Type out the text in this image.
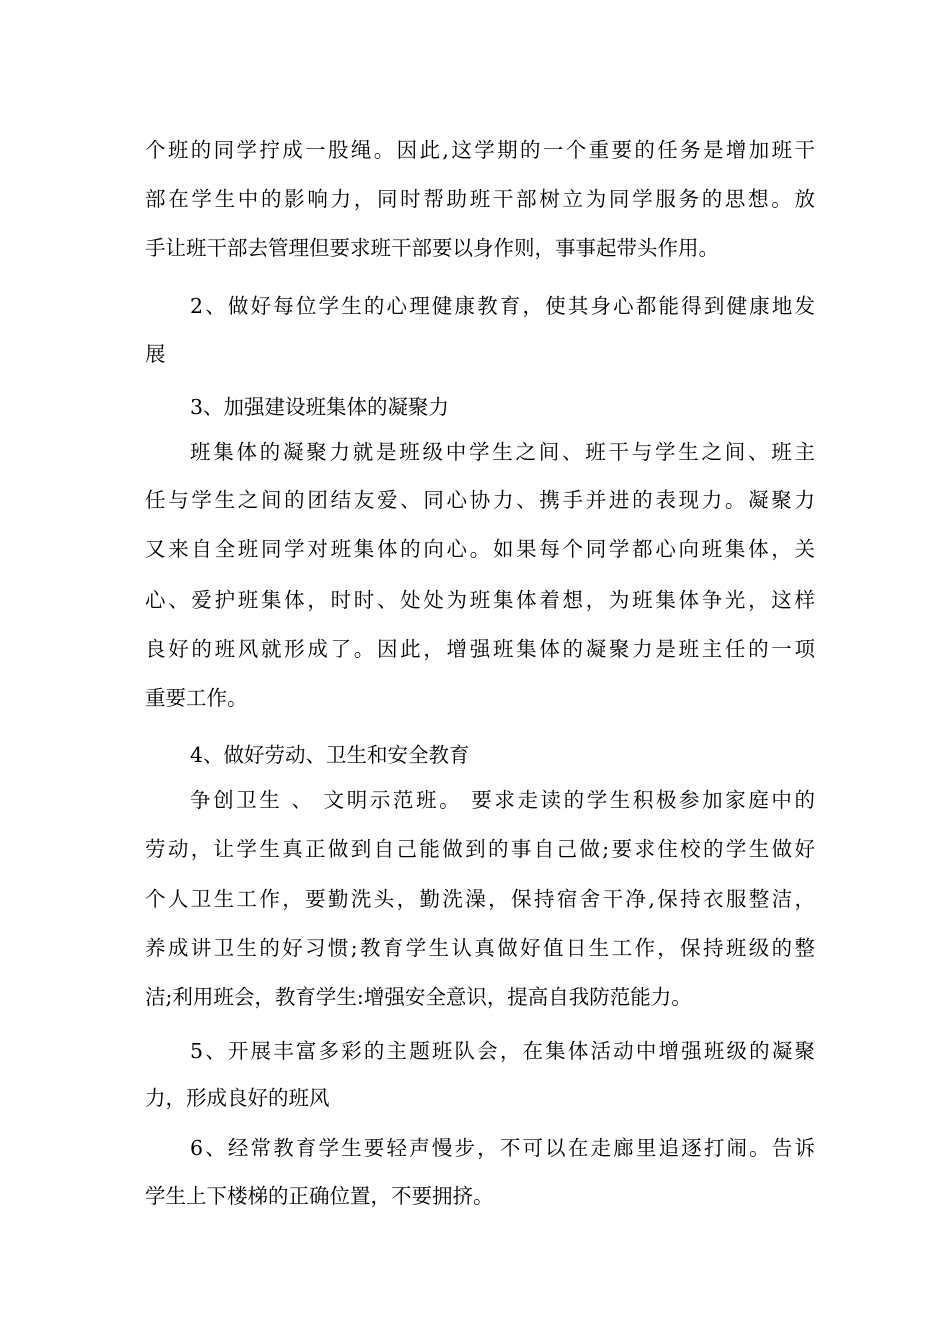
个班的同学拧成一股绳。因此,这学期的一个重要的任务是增加班干

部在学生中的影响力，同时帮助班干部树立为同学服务的思想。放

手让班干部去管理但要求班干部要以身作则，事事起带头作用。

2、做好每位学生的心理健康教育，使其身心都能得到健康地发

展

3、加强建设班集体的凝聚力

班集体的凝聚力就是班级中学生之间、班干与学生之间、班主

任与学生之间的团结友爱、同心协力、携手并进的表现力。凝聚力

又来自全班同学对班集体的向心。如果每个同学都心向班集体，关

心、爱护班集体，时时、处处为班集体着想，为班集体争光，这样

良好的班风就形成了。因此，增强班集体的凝聚力是班主任的一项

重要工作。

4、做好劳动、卫生和安全教育

争创卫生 、 文明示范班。 要求走读的学生积极参加家庭中的

劳动，让学生真正做到自己能做到的事自己做;要求住校的学生做好

个人卫生工作，要勤洗头，勤洗澡，保持宿舍干净,保持衣服整洁，

养成讲卫生的好习惯;教育学生认真做好值日生工作，保持班级的整

洁;利用班会，教育学生:增强安全意识，提高自我防范能力。

5、开展丰富多彩的主题班队会，在集体活动中增强班级的凝聚

力，形成良好的班风

6、经常教育学生要轻声慢步，不可以在走廊里追逐打闹。告诉

学生上下楼梯的正确位置，不要拥挤。
